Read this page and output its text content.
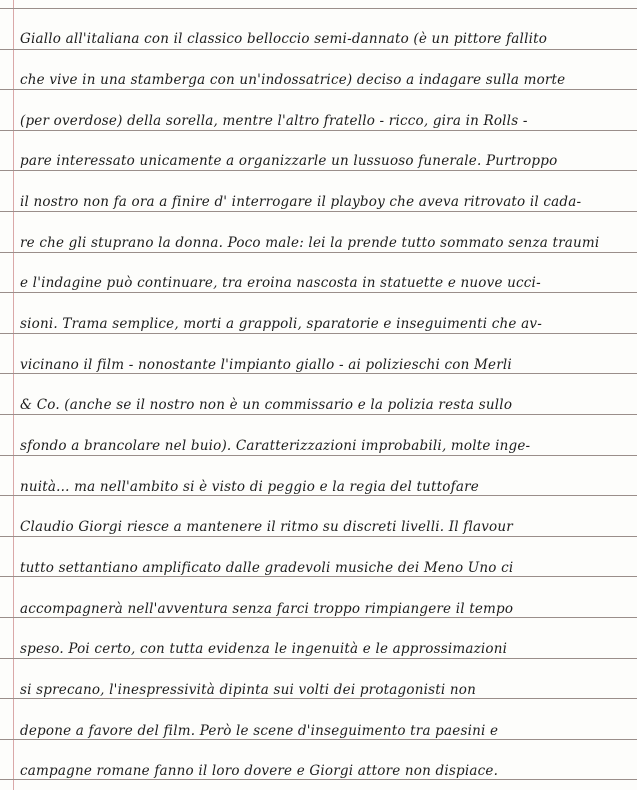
Giallo all'italiana con il classico belloccio semi-dannato (è un pittore fallito
che vive in una stamberga con un'indossatrice) deciso a indagare sulla morte
(per overdose) della sorella, mentre l'altro fratello - ricco, gira in Rolls -
pare interessato unicamente a organizzarle un lussuoso funerale. Purtroppo
il nostro non fa ora a finire d' interrogare il playboy che aveva ritrovato il cada-
re che gli stuprano la donna. Poco male: lei la prende tutto sommato senza traumi
e l'indagine può continuare, tra eroina nascosta in statuette e nuove ucci-
sioni. Trama semplice, morti a grappoli, sparatorie e inseguimenti che av-
vicinano il film - nonostante l'impianto giallo - ai polizieschi con Merli
& Co. (anche se il nostro non è un commissario e la polizia resta sullo
sfondo a brancolare nel buio). Caratterizzazioni improbabili, molte inge-
nuità... ma nell'ambito si è visto di peggio e la regia del tuttofare
Claudio Giorgi riesce a mantenere il ritmo su discreti livelli. Il flavour
tutto settantiano amplificato dalle gradevoli musiche dei Meno Uno ci
accompagnerà nell'avventura senza farci troppo rimpiangere il tempo
speso. Poi certo, con tutta evidenza le ingenuità e le approssimazioni
si sprecano, l'inespressività dipinta sui volti dei protagonisti non
depone a favore del film. Però le scene d'inseguimento tra paesini e
campagne romane fanno il loro dovere e Giorgi attore non dispiace.
